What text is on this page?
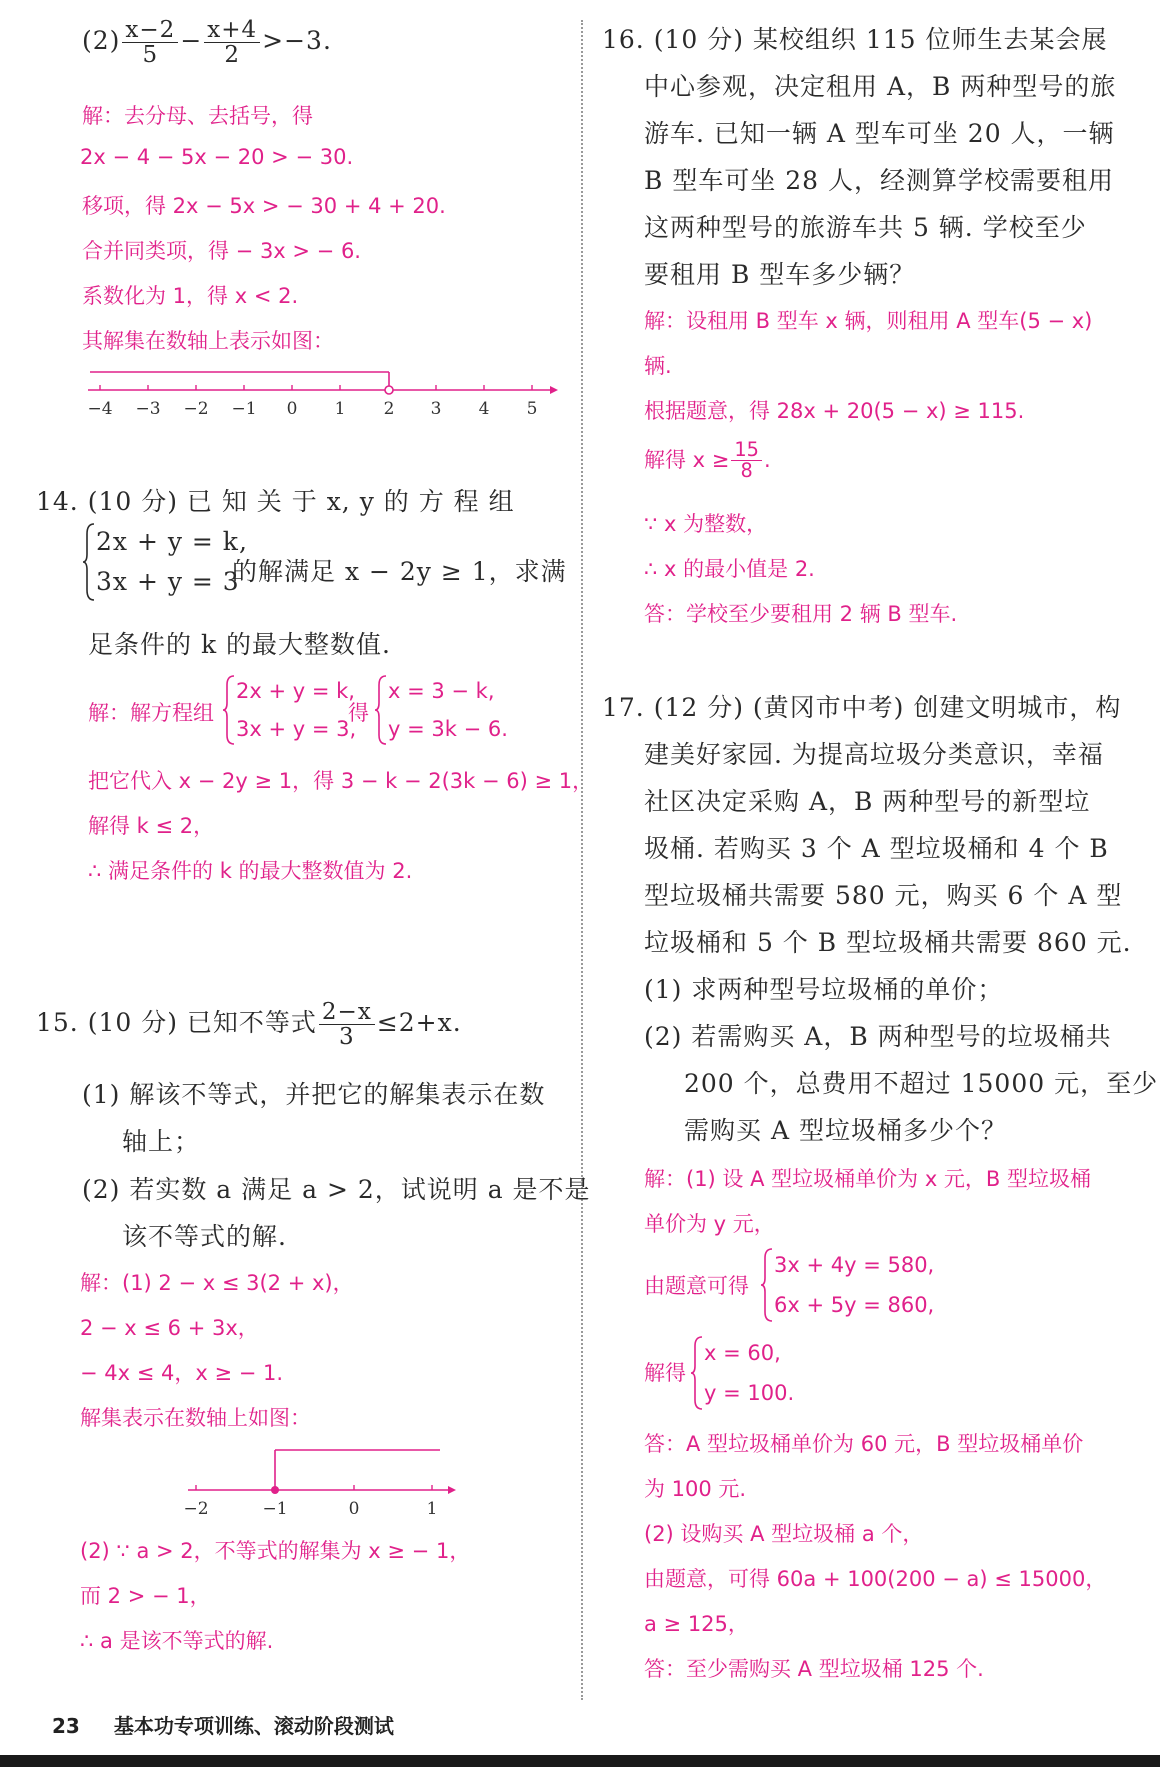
$(2) \frac{x-2}{5} - \frac{x+4}{2} >-3$.
解：去分母、去括号，得
2x − 4 − 5x − 20 > − 30.
移项，得 2x − 5x > − 30 + 4 + 20.
合并同类项，得 − 3x > − 6.
系数化为 1，得 x < 2.
其解集在数轴上表示如图：
−4 −3 −2 −1 0 1 2 3 4 5
14. (10 分) 已 知 关 于 x, y 的 方 程 组
2x + y = k,
3x + y = 3
的解满足 x − 2y ≥ 1，求满
足条件的 k 的最大整数值.
解：解方程组
2x + y = k,
3x + y = 3,
得
x = 3 − k,
y = 3k − 6.
把它代入 x − 2y ≥ 1，得 3 − k − 2(3k − 6) ≥ 1，
解得 k ≤ 2，
∴ 满足条件的 k 的最大整数值为 2.
15. (10 分) 已知不等式 $\frac{2-x}{3} \le 2+x$.
(1) 解该不等式，并把它的解集表示在数
轴上；
(2) 若实数 a 满足 a > 2，试说明 a 是不是
该不等式的解.
解：(1) 2 − x ≤ 3(2 + x)，
2 − x ≤ 6 + 3x，
− 4x ≤ 4，x ≥ − 1.
解集表示在数轴上如图：
−2	−1	0	1
(2) ∵ a > 2，不等式的解集为 x ≥ − 1，
而 2 > − 1，
∴ a 是该不等式的解.
16. (10 分) 某校组织 115 位师生去某会展
中心参观，决定租用 A，B 两种型号的旅
游车. 已知一辆 A 型车可坐 20 人，一辆
B 型车可坐 28 人，经测算学校需要租用
这两种型号的旅游车共 5 辆. 学校至少
要租用 B 型车多少辆？
解：设租用 B 型车 x 辆，则租用 A 型车(5 − x)
辆.
根据题意，得 28x + 20(5 − x) ≥ 115.
解得 $x \ge \frac{15}{8}$ .
∵ x 为整数，
∴ x 的最小值是 2.
答：学校至少要租用 2 辆 B 型车.
17. (12 分) (黄冈市中考) 创建文明城市，构
建美好家园. 为提高垃圾分类意识，幸福
社区决定采购 A，B 两种型号的新型垃
圾桶. 若购买 3 个 A 型垃圾桶和 4 个 B
型垃圾桶共需要 580 元，购买 6 个 A 型
垃圾桶和 5 个 B 型垃圾桶共需要 860 元.
(1) 求两种型号垃圾桶的单价；
(2) 若需购买 A，B 两种型号的垃圾桶共
200 个，总费用不超过 15000 元，至少
需购买 A 型垃圾桶多少个？
解：(1) 设 A 型垃圾桶单价为 x 元，B 型垃圾桶
单价为 y 元，
由题意可得
3x + 4y = 580,
6x + 5y = 860,
解得
x = 60,
y = 100.
答：A 型垃圾桶单价为 60 元，B 型垃圾桶单价
为 100 元.
(2) 设购买 A 型垃圾桶 a 个，
由题意，可得 60a + 100(200 − a) ≤ 15000，
a ≥ 125，
答：至少需购买 A 型垃圾桶 125 个.
23 基本功专项训练、滚动阶段测试
